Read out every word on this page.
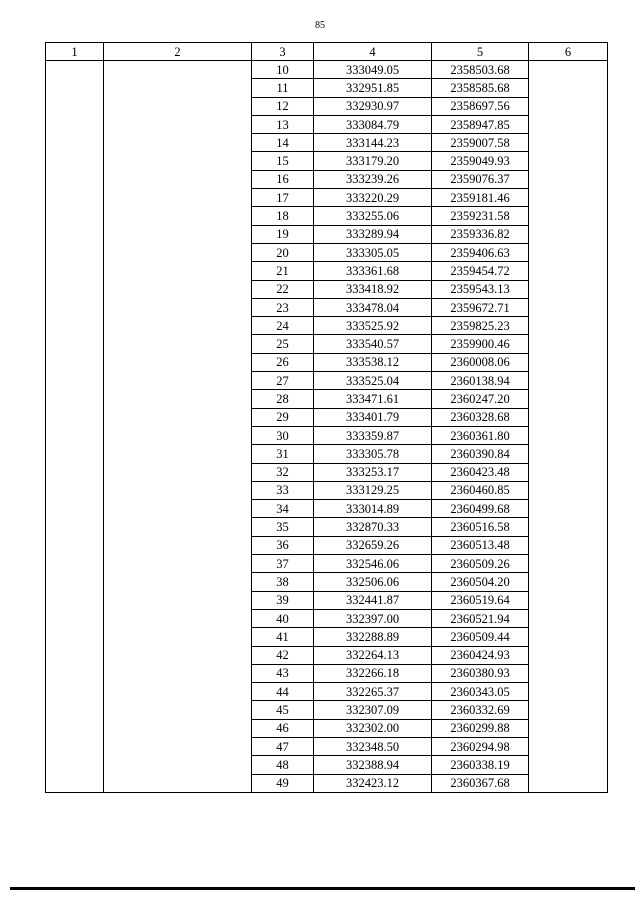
85
1	2	3	4	5	6
		10	333049.05	2358503.68	
		11	332951.85	2358585.68	
		12	332930.97	2358697.56	
		13	333084.79	2358947.85	
		14	333144.23	2359007.58	
		15	333179.20	2359049.93	
		16	333239.26	2359076.37	
		17	333220.29	2359181.46	
		18	333255.06	2359231.58	
		19	333289.94	2359336.82	
		20	333305.05	2359406.63	
		21	333361.68	2359454.72	
		22	333418.92	2359543.13	
		23	333478.04	2359672.71	
		24	333525.92	2359825.23	
		25	333540.57	2359900.46	
		26	333538.12	2360008.06	
		27	333525.04	2360138.94	
		28	333471.61	2360247.20	
		29	333401.79	2360328.68	
		30	333359.87	2360361.80	
		31	333305.78	2360390.84	
		32	333253.17	2360423.48	
		33	333129.25	2360460.85	
		34	333014.89	2360499.68	
		35	332870.33	2360516.58	
		36	332659.26	2360513.48	
		37	332546.06	2360509.26	
		38	332506.06	2360504.20	
		39	332441.87	2360519.64	
		40	332397.00	2360521.94	
		41	332288.89	2360509.44	
		42	332264.13	2360424.93	
		43	332266.18	2360380.93	
		44	332265.37	2360343.05	
		45	332307.09	2360332.69	
		46	332302.00	2360299.88	
		47	332348.50	2360294.98	
		48	332388.94	2360338.19	
		49	332423.12	2360367.68	
